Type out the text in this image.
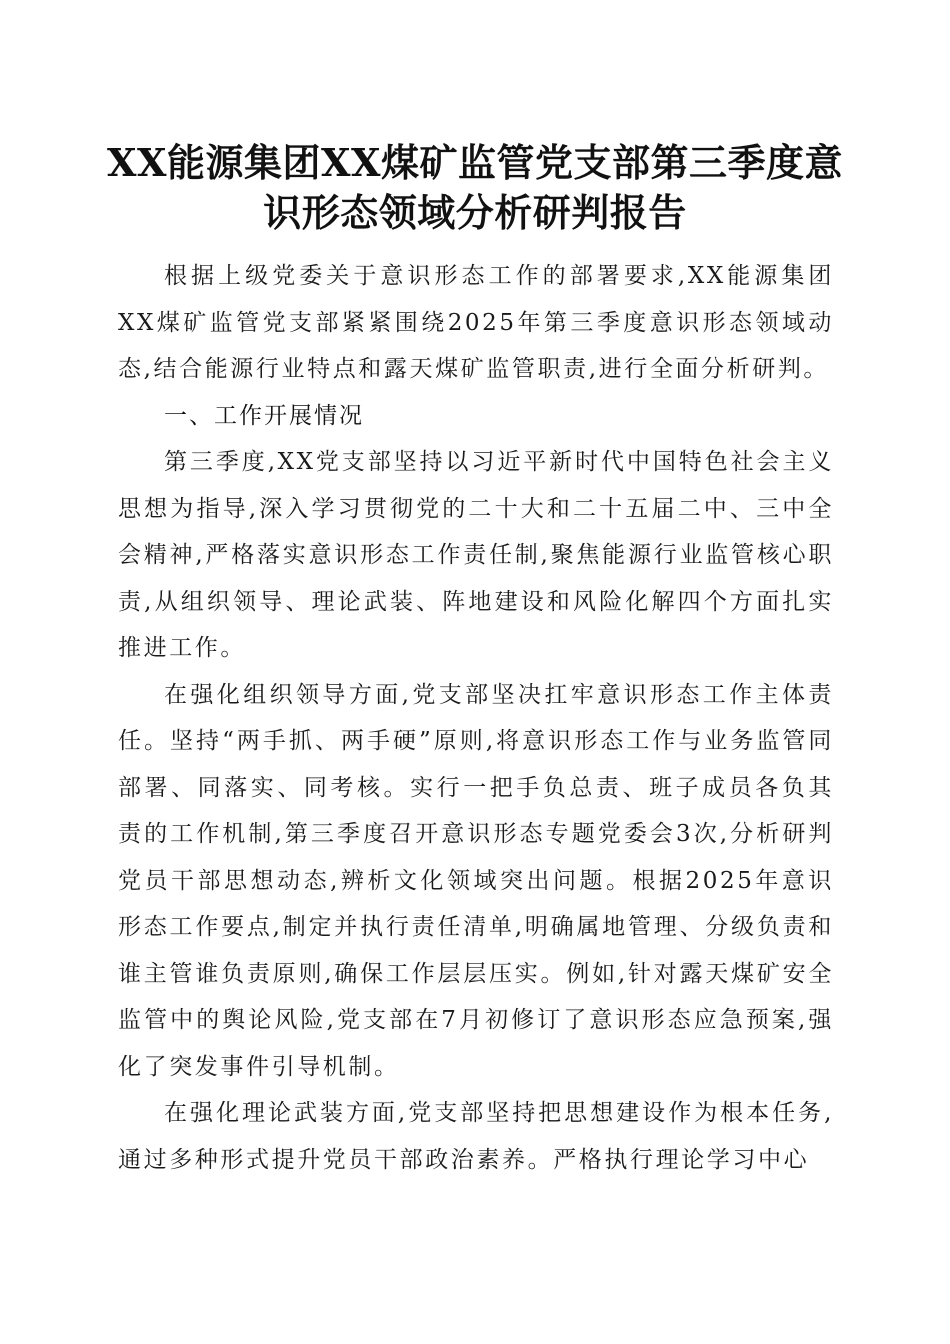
XX能源集团XX煤矿监管党支部第三季度意
识形态领域分析研判报告

根据上级党委关于意识形态工作的部署要求,XX能源集团XX煤矿监管党支部紧紧围绕2025年第三季度意识形态领域动态,结合能源行业特点和露天煤矿监管职责,进行全面分析研判。

一、工作开展情况

第三季度,XX党支部坚持以习近平新时代中国特色社会主义思想为指导,深入学习贯彻党的二十大和二十五届二中、三中全会精神,严格落实意识形态工作责任制,聚焦能源行业监管核心职责,从组织领导、理论武装、阵地建设和风险化解四个方面扎实推进工作。

在强化组织领导方面,党支部坚决扛牢意识形态工作主体责任。坚持“两手抓、两手硬”原则,将意识形态工作与业务监管同部署、同落实、同考核。实行一把手负总责、班子成员各负其责的工作机制,第三季度召开意识形态专题党委会3次,分析研判党员干部思想动态,辨析文化领域突出问题。根据2025年意识形态工作要点,制定并执行责任清单,明确属地管理、分级负责和谁主管谁负责原则,确保工作层层压实。例如,针对露天煤矿安全监管中的舆论风险,党支部在7月初修订了意识形态应急预案,强化了突发事件引导机制。

在强化理论武装方面,党支部坚持把思想建设作为根本任务,通过多种形式提升党员干部政治素养。严格执行理论学习中心
